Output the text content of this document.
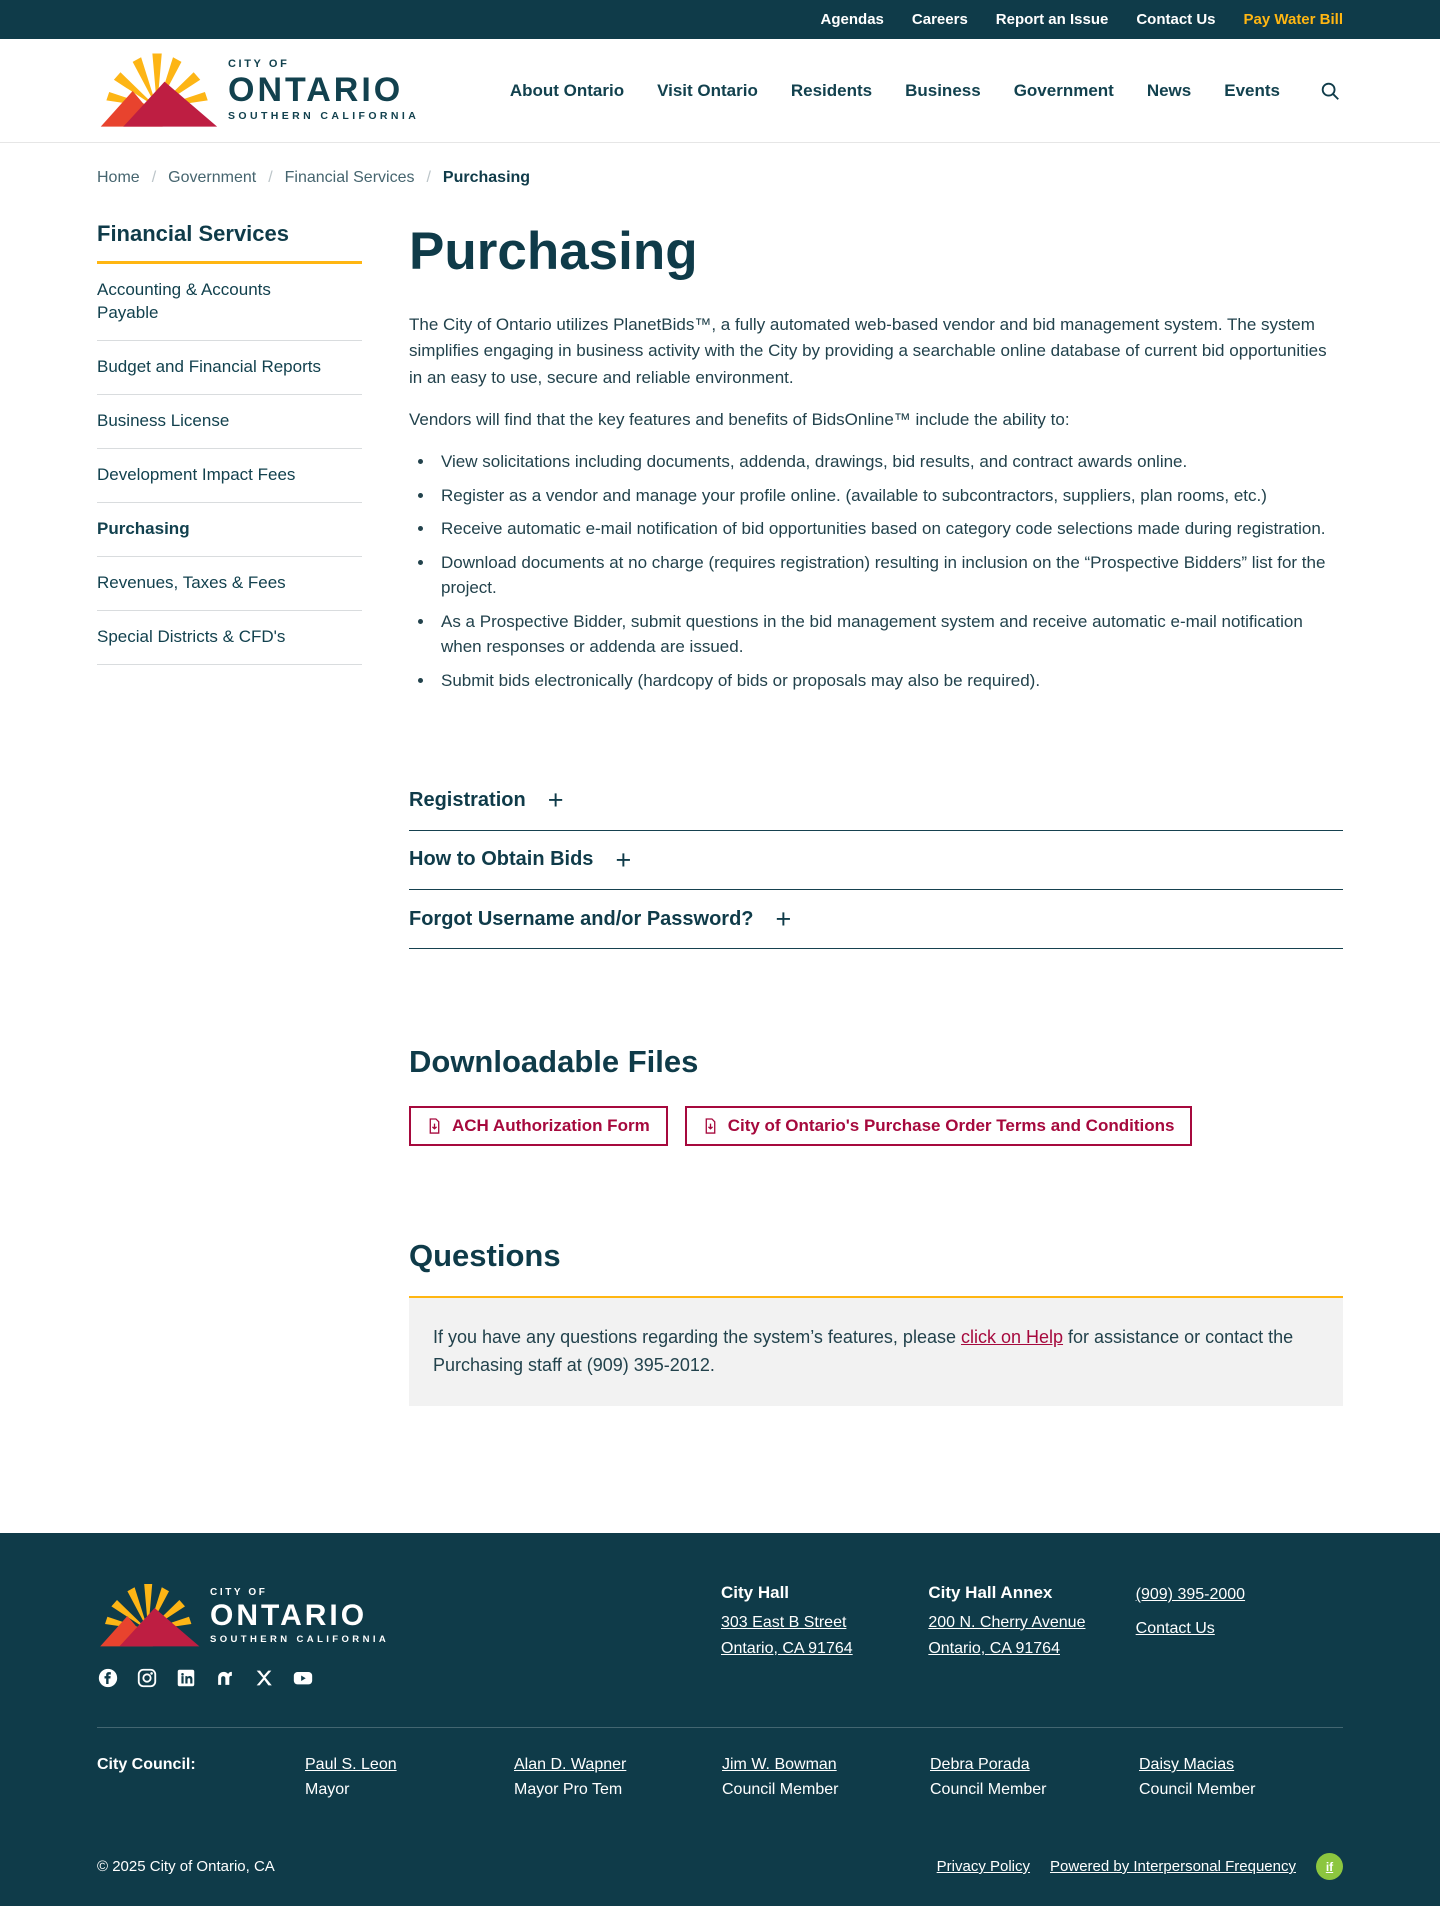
Agendas Careers Report an Issue Contact Us Pay Water Bill
CITY OF
ONTARIO
SOUTHERN CALIFORNIA
About Ontario Visit Ontario Residents Business Government News Events
Home / Government / Financial Services / Purchasing
Financial Services
Accounting & Accounts Payable
Budget and Financial Reports
Business License
Development Impact Fees
Purchasing
Revenues, Taxes & Fees
Special Districts & CFD's
Purchasing

The City of Ontario utilizes PlanetBids™, a fully automated web-based vendor and bid management system. The system simplifies engaging in business activity with the City by providing a searchable online database of current bid opportunities in an easy to use, secure and reliable environment.

Vendors will find that the key features and benefits of BidsOnline™ include the ability to:

• View solicitations including documents, addenda, drawings, bid results, and contract awards online.
• Register as a vendor and manage your profile online. (available to subcontractors, suppliers, plan rooms, etc.)
• Receive automatic e-mail notification of bid opportunities based on category code selections made during registration.
• Download documents at no charge (requires registration) resulting in inclusion on the “Prospective Bidders” list for the project.
• As a Prospective Bidder, submit questions in the bid management system and receive automatic e-mail notification when responses or addenda are issued.
• Submit bids electronically (hardcopy of bids or proposals may also be required).
Registration +
How to Obtain Bids +
Forgot Username and/or Password? +
Downloadable Files
ACH Authorization Form	City of Ontario's Purchase Order Terms and Conditions
Questions
If you have any questions regarding the system’s features, please click on Help for assistance or contact the Purchasing staff at (909) 395-2012.
CITY OF
ONTARIO
SOUTHERN CALIFORNIA
City Hall
303 East B Street
Ontario, CA 91764
City Hall Annex
200 N. Cherry Avenue
Ontario, CA 91764
(909) 395-2000
Contact Us
City Council:	Paul S. Leon
Mayor
Alan D. Wapner
Mayor Pro Tem
Jim W. Bowman
Council Member
Debra Porada
Council Member
Daisy Macias
Council Member
© 2025 City of Ontario, CA	Privacy Policy Powered by Interpersonal Frequency	if
